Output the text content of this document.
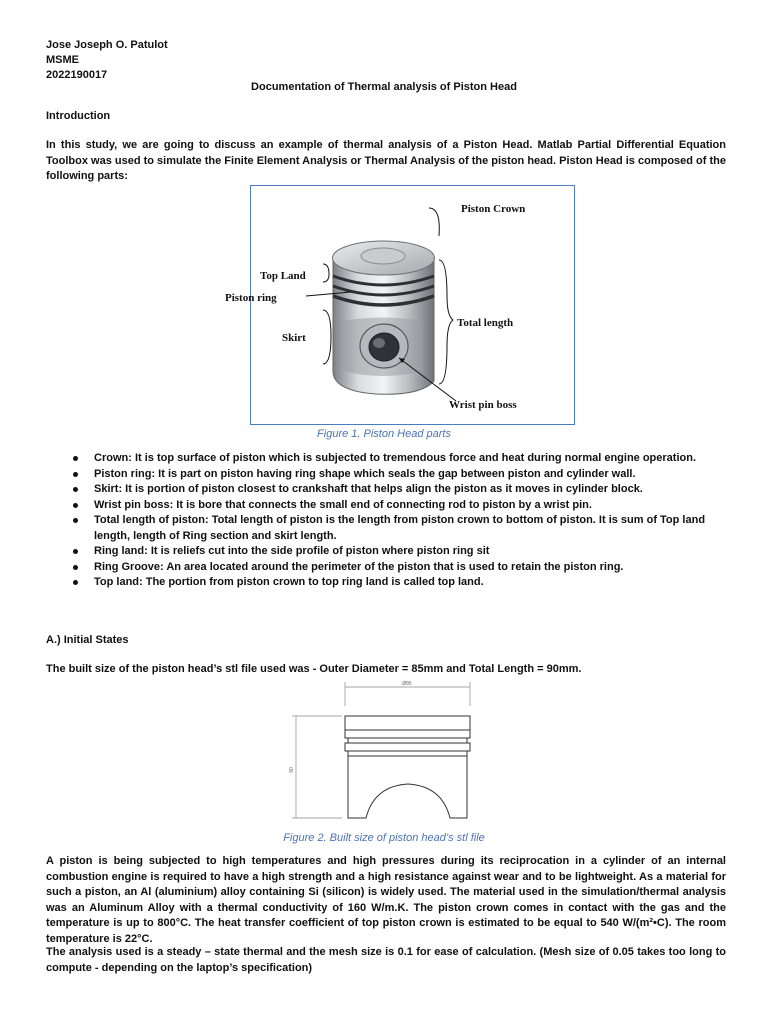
Jose Joseph O. Patulot
MSME
2022190017
Documentation of Thermal analysis of Piston Head
Introduction
In this study, we are going to discuss an example of thermal analysis of a Piston Head. Matlab Partial Differential Equation Toolbox was used to simulate the Finite Element Analysis or Thermal Analysis of the piston head. Piston Head is composed of the following parts:
Piston Crown
Top Land
Piston ring
Skirt
Total length
Wrist pin boss
Figure 1. Piston Head parts
Crown: It is top surface of piston which is subjected to tremendous force and heat during normal engine operation.
Piston ring: It is part on piston having ring shape which seals the gap between piston and cylinder wall.
Skirt: It is portion of piston closest to crankshaft that helps align the piston as it moves in cylinder block.
Wrist pin boss: It is bore that connects the small end of connecting rod to piston by a wrist pin.
Total length of piston: Total length of piston is the length from piston crown to bottom of piston. It is sum of Top land length, length of Ring section and skirt length.
Ring land: It is reliefs cut into the side profile of piston where piston ring sit
Ring Groove: An area located around the perimeter of the piston that is used to retain the piston ring.
Top land: The portion from piston crown to top ring land is called top land.
A.) Initial States
The built size of the piston head’s stl file used was - Outer Diameter = 85mm and Total Length = 90mm.
Ø85
90
Figure 2. Built size of piston head’s stl file
A piston is being subjected to high temperatures and high pressures during its reciprocation in a cylinder of an internal combustion engine is required to have a high strength and a high resistance against wear and to be lightweight. As a material for such a piston, an Al (aluminium) alloy containing Si (silicon) is widely used. The material used in the simulation/thermal analysis was an Aluminum Alloy with a thermal conductivity of 160 W/m.K. The piston crown comes in contact with the gas and the temperature is up to 800°C. The heat transfer coefficient of top piston crown is estimated to be equal to 540 W/(m²•C). The room temperature is 22°C.
The analysis used is a steady – state thermal and the mesh size is 0.1 for ease of calculation. (Mesh size of 0.05 takes too long to compute - depending on the laptop’s specification)
